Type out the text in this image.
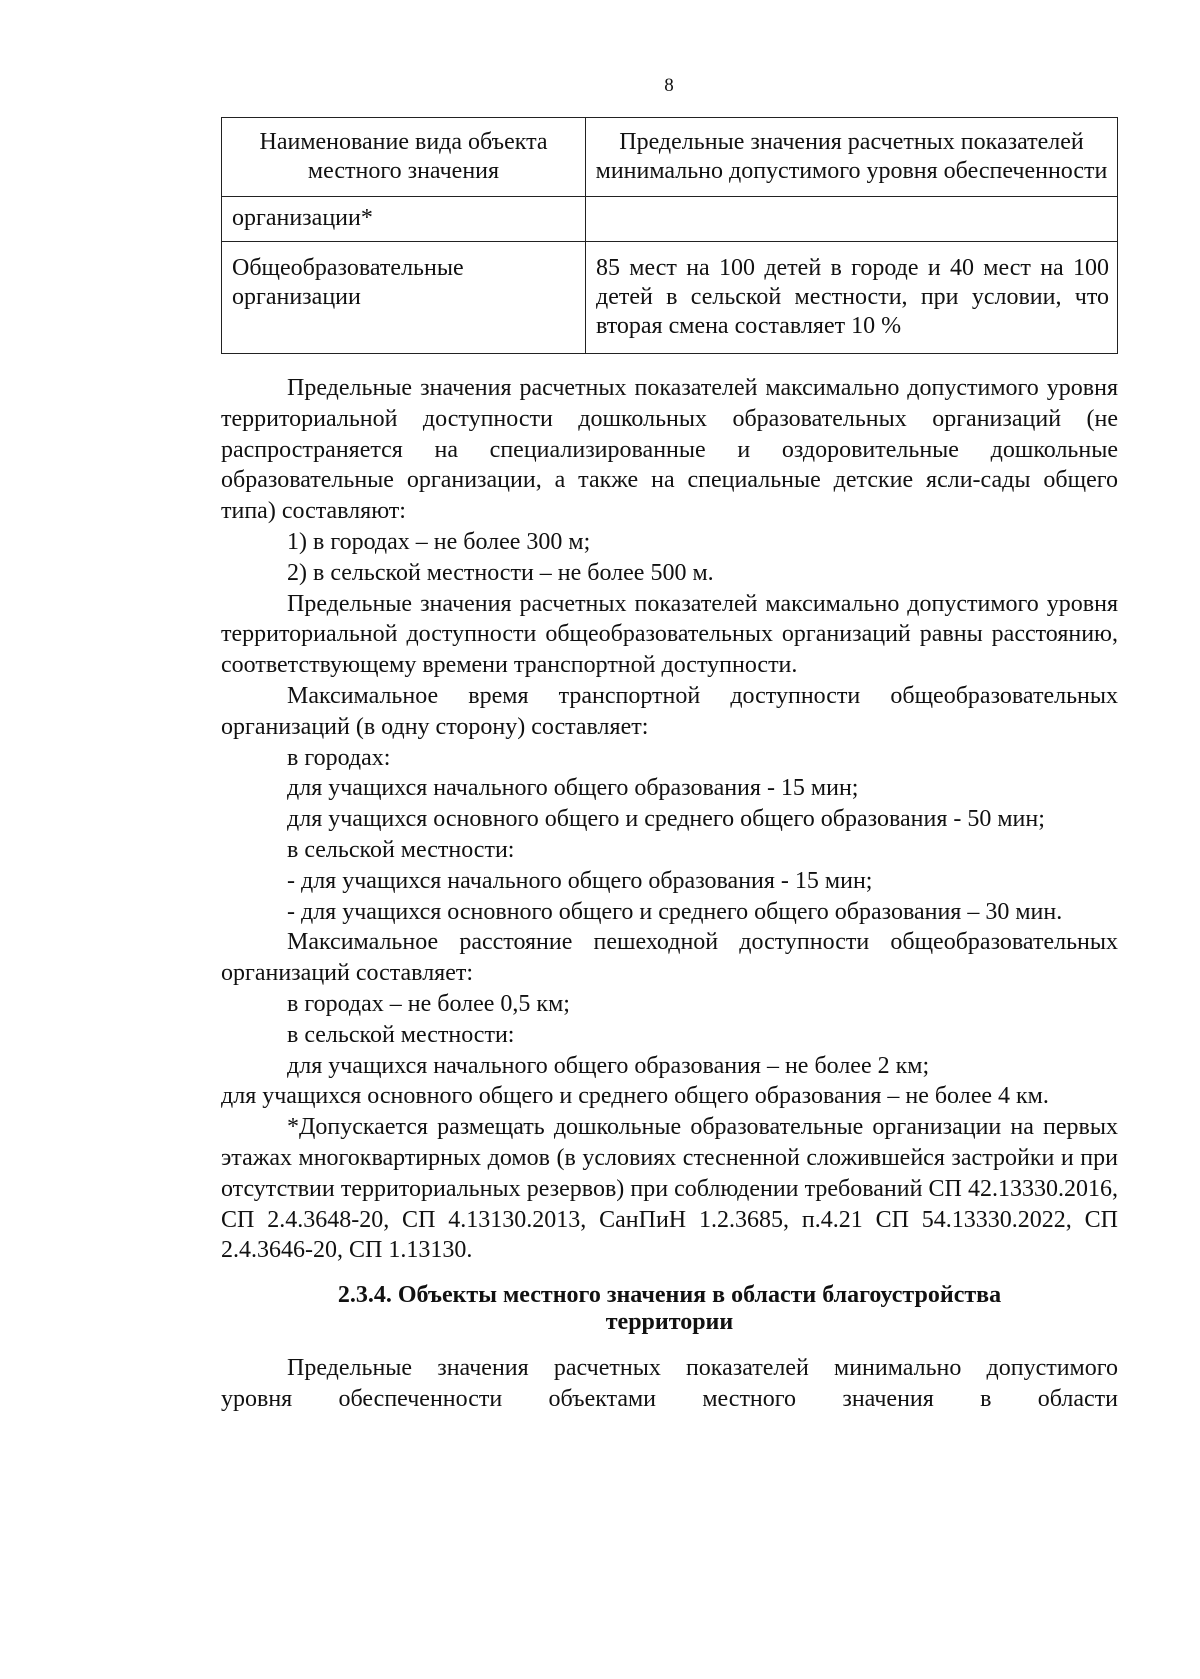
8
Наименование вида объекта местного значения	Предельные значения расчетных показателей минимально допустимого уровня обеспеченности
организации*	
Общеобразовательные организации	85 мест на 100 детей в городе и 40 мест на 100 детей в сельской местности, при условии, что вторая смена составляет 10 %

Предельные значения расчетных показателей максимально допустимого уровня территориальной доступности дошкольных образовательных организаций (не распространяется на специализированные и оздоровительные дошкольные образовательные организации, а также на специальные детские ясли-сады общего типа) составляют:

1) в городах – не более 300 м;

2) в сельской местности – не более 500 м.

Предельные значения расчетных показателей максимально допустимого уровня территориальной доступности общеобразовательных организаций равны расстоянию, соответствующему времени транспортной доступности.

Максимальное время транспортной доступности общеобразовательных организаций (в одну сторону) составляет:

в городах:

для учащихся начального общего образования - 15 мин;

для учащихся основного общего и среднего общего образования - 50 мин;

в сельской местности:

- для учащихся начального общего образования - 15 мин;

- для учащихся основного общего и среднего общего образования – 30 мин.

Максимальное расстояние пешеходной доступности общеобразовательных организаций составляет:

в городах – не более 0,5 км;

в сельской местности:

для учащихся начального общего образования – не более 2 км;

для учащихся основного общего и среднего общего образования – не более 4 км.

*Допускается размещать дошкольные образовательные организации на первых этажах многоквартирных домов (в условиях стесненной сложившейся застройки и при отсутствии территориальных резервов) при соблюдении требований СП 42.13330.2016, СП 2.4.3648-20, СП 4.13130.2013, СанПиН 1.2.3685, п.4.21 СП 54.13330.2022, СП 2.4.3646-20, СП 1.13130.

2.3.4. Объекты местного значения в области благоустройства
территории

Предельные значения расчетных показателей минимально допустимого

уровня обеспеченности объектами местного значения в области
